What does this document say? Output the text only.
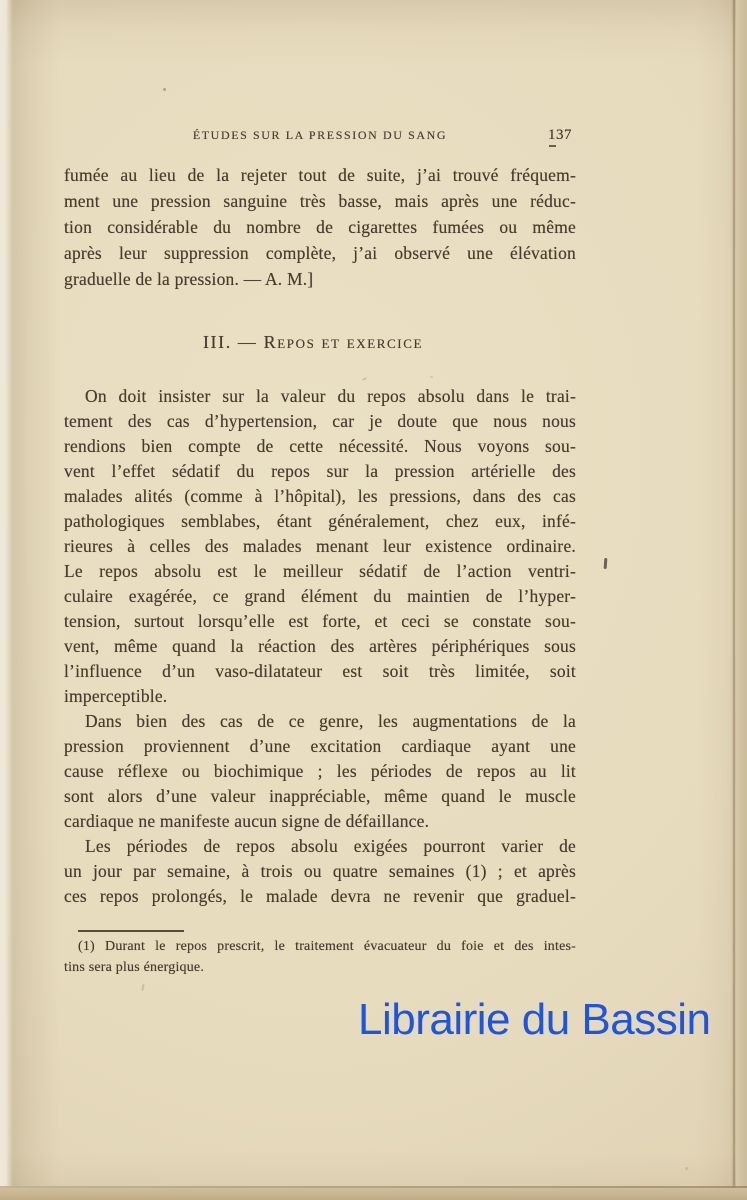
ÉTUDES SUR LA PRESSION DU SANG	137
fumée au lieu de la rejeter tout de suite, j’ai trouvé fréquem-
ment une pression sanguine très basse, mais après une réduc-
tion considérable du nombre de cigarettes fumées ou même
après leur suppression complète, j’ai observé une élévation
graduelle de la pression. — A. M.]
III. — Repos et exercice
On doit insister sur la valeur du repos absolu dans le trai-
tement des cas d’hypertension, car je doute que nous nous
rendions bien compte de cette nécessité. Nous voyons sou-
vent l’effet sédatif du repos sur la pression artérielle des
malades alités (comme à l’hôpital), les pressions, dans des cas
pathologiques semblabes, étant généralement, chez eux, infé-
rieures à celles des malades menant leur existence ordinaire.
Le repos absolu est le meilleur sédatif de l’action ventri-
culaire exagérée, ce grand élément du maintien de l’hyper-
tension, surtout lorsqu’elle est forte, et ceci se constate sou-
vent, même quand la réaction des artères périphériques sous
l’influence d’un vaso-dilatateur est soit très limitée, soit
imperceptible.
Dans bien des cas de ce genre, les augmentations de la
pression proviennent d’une excitation cardiaque ayant une
cause réflexe ou biochimique ; les périodes de repos au lit
sont alors d’une valeur inappréciable, même quand le muscle
cardiaque ne manifeste aucun signe de défaillance.
Les périodes de repos absolu exigées pourront varier de
un jour par semaine, à trois ou quatre semaines (1) ; et après
ces repos prolongés, le malade devra ne revenir que graduel-
(1) Durant le repos prescrit, le traitement évacuateur du foie et des intes-
tins sera plus énergique.
Librairie du Bassin
